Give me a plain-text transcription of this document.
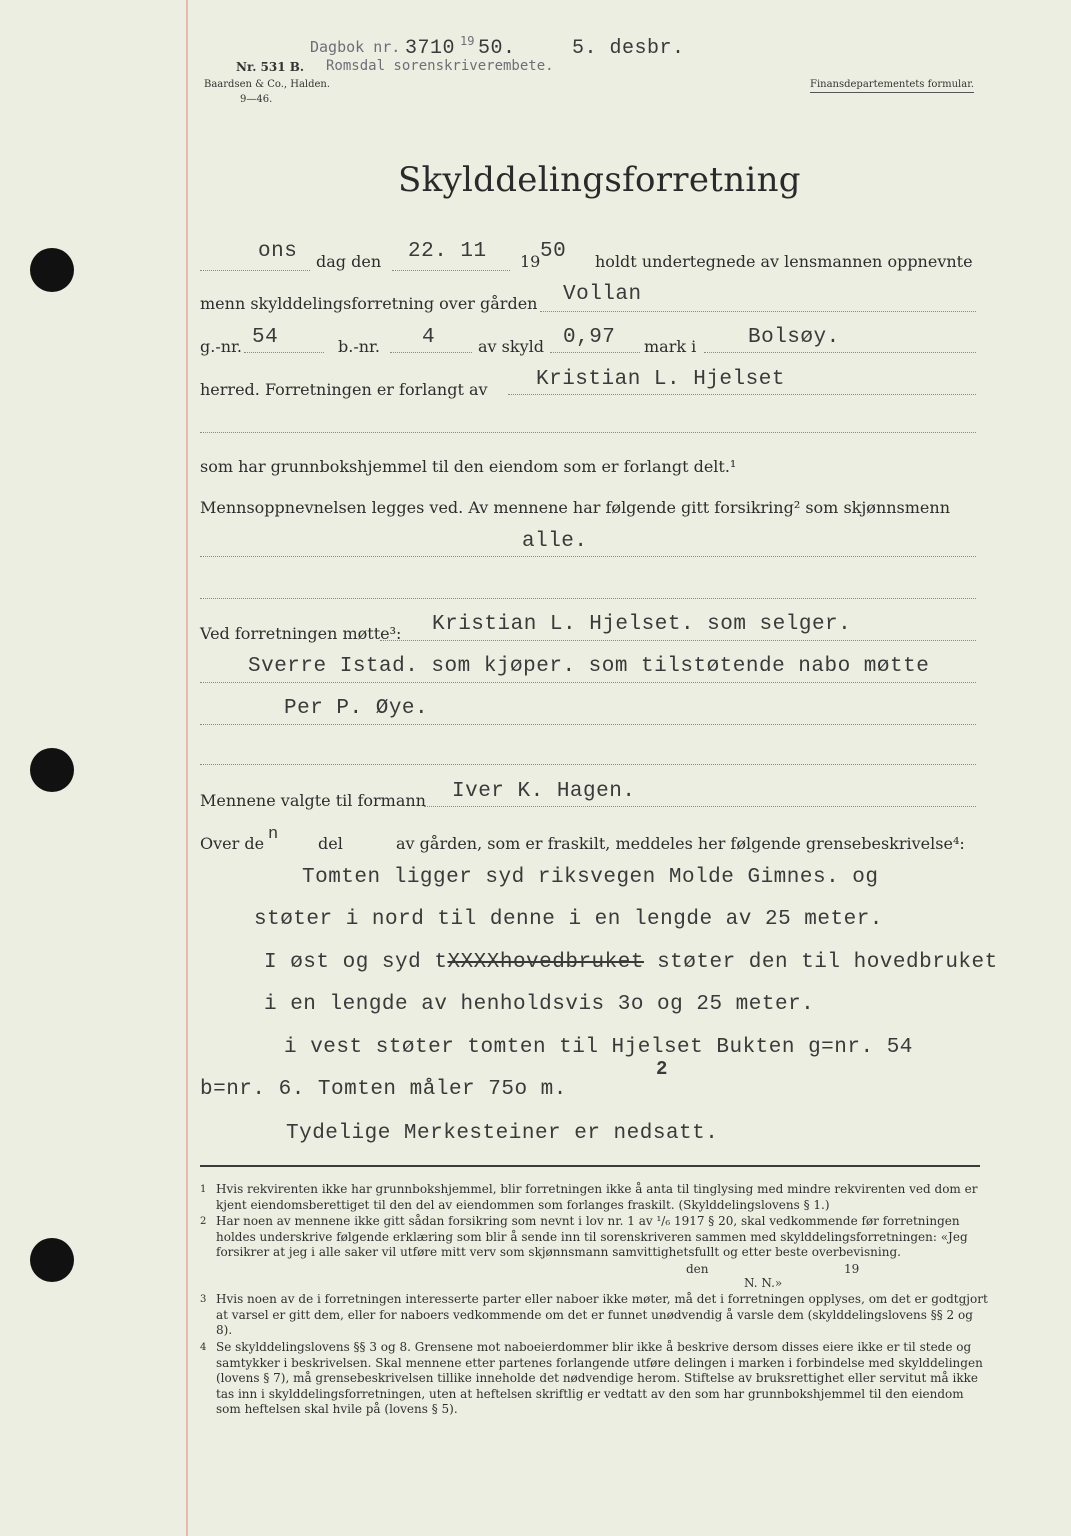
Nr. 531 B.
Baardsen & Co., Halden.
9—46.
Dagbok nr. 3710 19 50.	5. desbr.
Romsdal sorenskriverembete.
Finansdepartementets formular.
Skylddelingsforretning
ons dag den 22. 11 19 50 holdt undertegnede av lensmannen oppnevnte
menn skylddelingsforretning over gården Vollan
g.-nr. 54	b.-nr. 4	av skyld 0,97 mark i Bolsøy.
herred. Forretningen er forlangt av Kristian L. Hjelset
som har grunnbokshjemmel til den eiendom som er forlangt delt.¹
Mennsoppnevnelsen legges ved. Av mennene har følgende gitt forsikring² som skjønnsmenn
alle.
Ved forretningen møtte³: Kristian L. Hjelset. som selger.
Sverre Istad. som kjøper. som tilstøtende nabo møtte
Per P. Øye.
Mennene valgte til formann Iver K. Hagen.
Over de n del	av gården, som er fraskilt, meddeles her følgende grensebeskrivelse⁴:
Tomten ligger syd riksvegen Molde Gimnes. og
støter i nord til denne i en lengde av 25 meter.
I øst og syd tXXXXhovedbruket støter den til hovedbruket
i en lengde av henholdsvis 3o og 25 meter.
i vest støter tomten til Hjelset Bukten g=nr. 54
b=nr. 6. Tomten måler 75o m.
2
Tydelige Merkesteiner er nedsatt.
1 Hvis rekvirenten ikke har grunnbokshjemmel, blir forretningen ikke å anta til tinglysing med mindre rekvirenten ved dom er kjent eiendomsberettiget til den del av eiendommen som forlanges fraskilt. (Skylddelingslovens § 1.)
2 Har noen av mennene ikke gitt sådan forsikring som nevnt i lov nr. 1 av ¹/₆ 1917 § 20, skal vedkommende før forretningen holdes underskrive følgende erklæring som blir å sende inn til sorenskriveren sammen med skylddelingsforretningen: «Jeg forsikrer at jeg i alle saker vil utføre mitt verv som skjønnsmann samvittighetsfullt og etter beste overbevisning.
den	19
N. N.»
3 Hvis noen av de i forretningen interesserte parter eller naboer ikke møter, må det i forretningen opplyses, om det er godtgjort at varsel er gitt dem, eller for naboers vedkommende om det er funnet unødvendig å varsle dem (skylddelingslovens §§ 2 og 8).
4 Se skylddelingslovens §§ 3 og 8. Grensene mot naboeierdommer blir ikke å beskrive dersom disses eiere ikke er til stede og samtykker i beskrivelsen. Skal mennene etter partenes forlangende utføre delingen i marken i forbindelse med skylddelingen (lovens § 7), må grensebeskrivelsen tillike inneholde det nødvendige herom. Stiftelse av bruksrettighet eller servitut må ikke tas inn i skylddelingsforretningen, uten at heftelsen skriftlig er vedtatt av den som har grunnbokshjemmel til den eiendom som heftelsen skal hvile på (lovens § 5).
